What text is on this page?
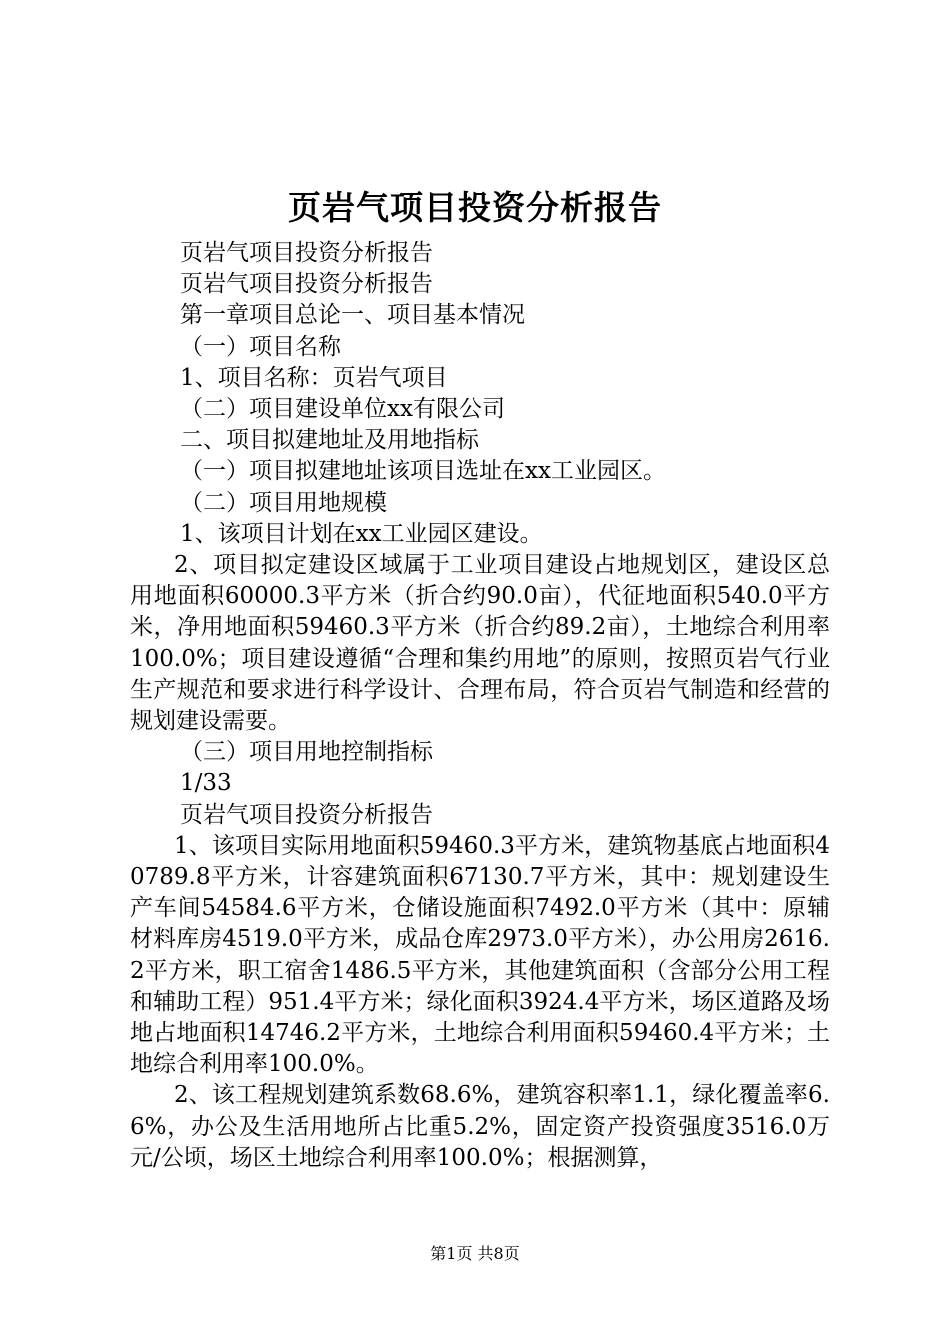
页岩气项目投资分析报告
页岩气项目投资分析报告
页岩气项目投资分析报告
第一章项目总论一、项目基本情况
（一）项目名称
1、项目名称：页岩气项目
（二）项目建设单位xx有限公司
二、项目拟建地址及用地指标
（一）项目拟建地址该项目选址在xx工业园区。
（二）项目用地规模
1、该项目计划在xx工业园区建设。
2、项目拟定建设区域属于工业项目建设占地规划区，建设区总用地面积60000.3平方米（折合约90.0亩），代征地面积540.0平方米，净用地面积59460.3平方米（折合约89.2亩），土地综合利用率100.0%；项目建设遵循“合理和集约用地”的原则，按照页岩气行业生产规范和要求进行科学设计、合理布局，符合页岩气制造和经营的规划建设需要。
（三）项目用地控制指标
1/33
页岩气项目投资分析报告
1、该项目实际用地面积59460.3平方米，建筑物基底占地面积40789.8平方米，计容建筑面积67130.7平方米，其中：规划建设生产车间54584.6平方米，仓储设施面积7492.0平方米（其中：原辅材料库房4519.0平方米，成品仓库2973.0平方米），办公用房2616.2平方米，职工宿舍1486.5平方米，其他建筑面积（含部分公用工程和辅助工程）951.4平方米；绿化面积3924.4平方米，场区道路及场地占地面积14746.2平方米，土地综合利用面积59460.4平方米；土地综合利用率100.0%。
2、该工程规划建筑系数68.6%，建筑容积率1.1，绿化覆盖率6.6%，办公及生活用地所占比重5.2%，固定资产投资强度3516.0万元/公顷，场区土地综合利用率100.0%；根据测算，
第1页 共8页
